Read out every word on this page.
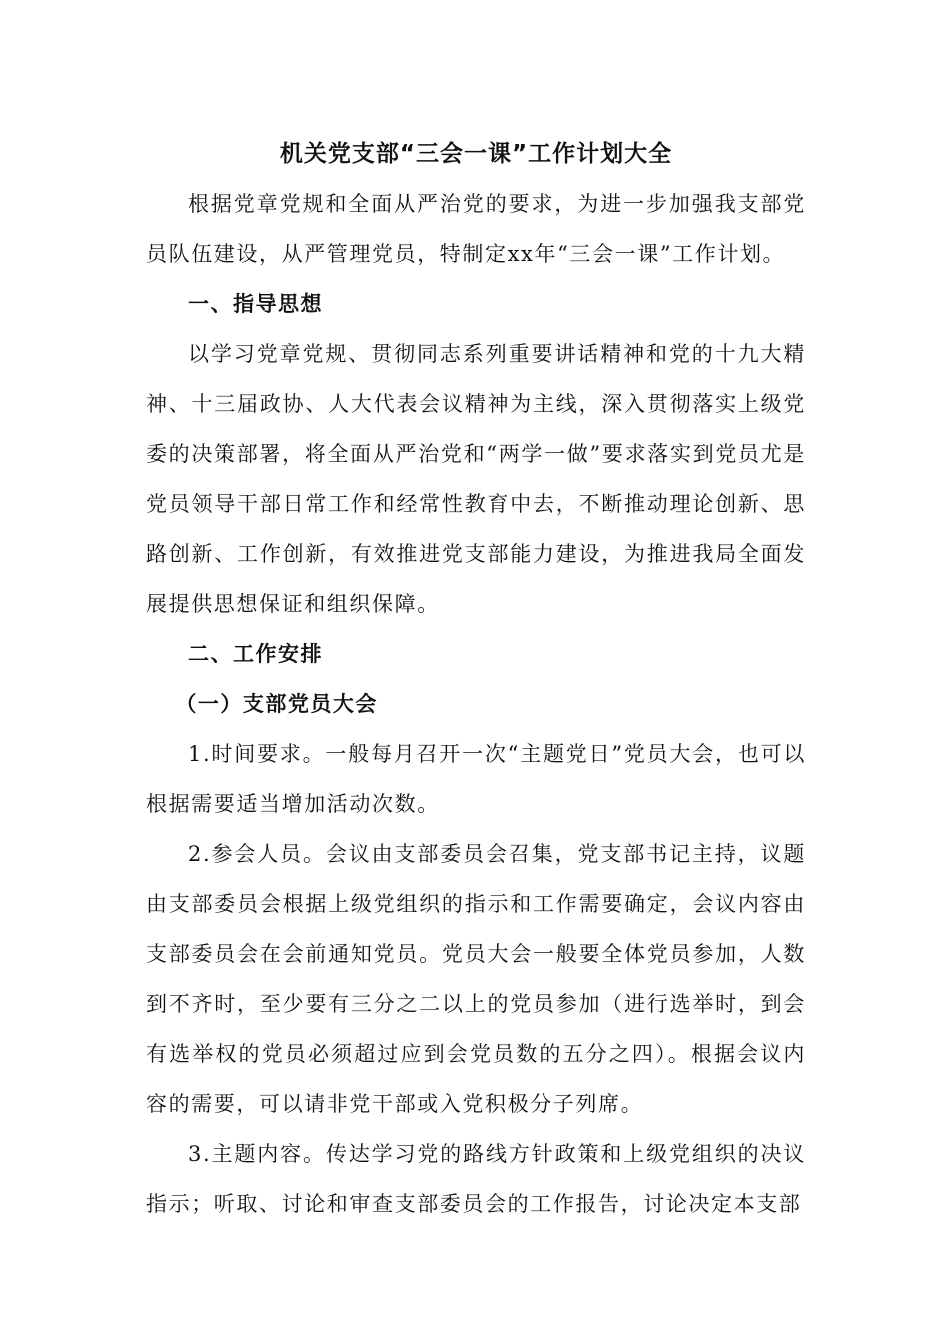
机关党支部“三会一课”工作计划大全

根据党章党规和全面从严治党的要求，为进一步加强我支部党员队伍建设，从严管理党员，特制定xx年“三会一课”工作计划。

一、指导思想

以学习党章党规、贯彻同志系列重要讲话精神和党的十九大精神、十三届政协、人大代表会议精神为主线，深入贯彻落实上级党委的决策部署，将全面从严治党和“两学一做”要求落实到党员尤是党员领导干部日常工作和经常性教育中去，不断推动理论创新、思路创新、工作创新，有效推进党支部能力建设，为推进我局全面发展提供思想保证和组织保障。

二、工作安排
（一）支部党员大会

1.时间要求。一般每月召开一次“主题党日”党员大会，也可以根据需要适当增加活动次数。

2.参会人员。会议由支部委员会召集，党支部书记主持，议题由支部委员会根据上级党组织的指示和工作需要确定，会议内容由支部委员会在会前通知党员。党员大会一般要全体党员参加，人数到不齐时，至少要有三分之二以上的党员参加（进行选举时，到会有选举权的党员必须超过应到会党员数的五分之四）。根据会议内容的需要，可以请非党干部或入党积极分子列席。

3.主题内容。传达学习党的路线方针政策和上级党组织的决议指示；听取、讨论和审查支部委员会的工作报告，讨论决定本支部
